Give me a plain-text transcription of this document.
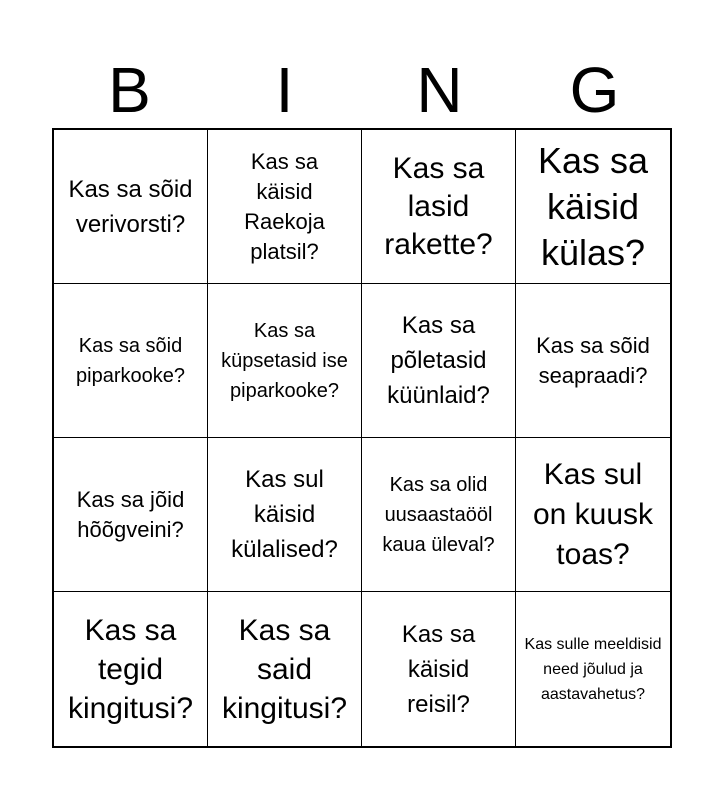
B	I	N	G
Kas sa sõid verivorsti?
Kas sa käisid Raekoja platsil?
Kas sa lasid rakette?
Kas sa käisid külas?
Kas sa sõid piparkooke?
Kas sa küpsetasid ise piparkooke?
Kas sa põletasid küünlaid?
Kas sa sõid seapraadi?
Kas sa jõid hõõgveini?
Kas sul käisid külalised?
Kas sa olid uusaastaööl kaua üleval?
Kas sul on kuusk toas?
Kas sa tegid kingitusi?
Kas sa said kingitusi?
Kas sa käisid reisil?
Kas sulle meeldisid need jõulud ja aastavahetus?
